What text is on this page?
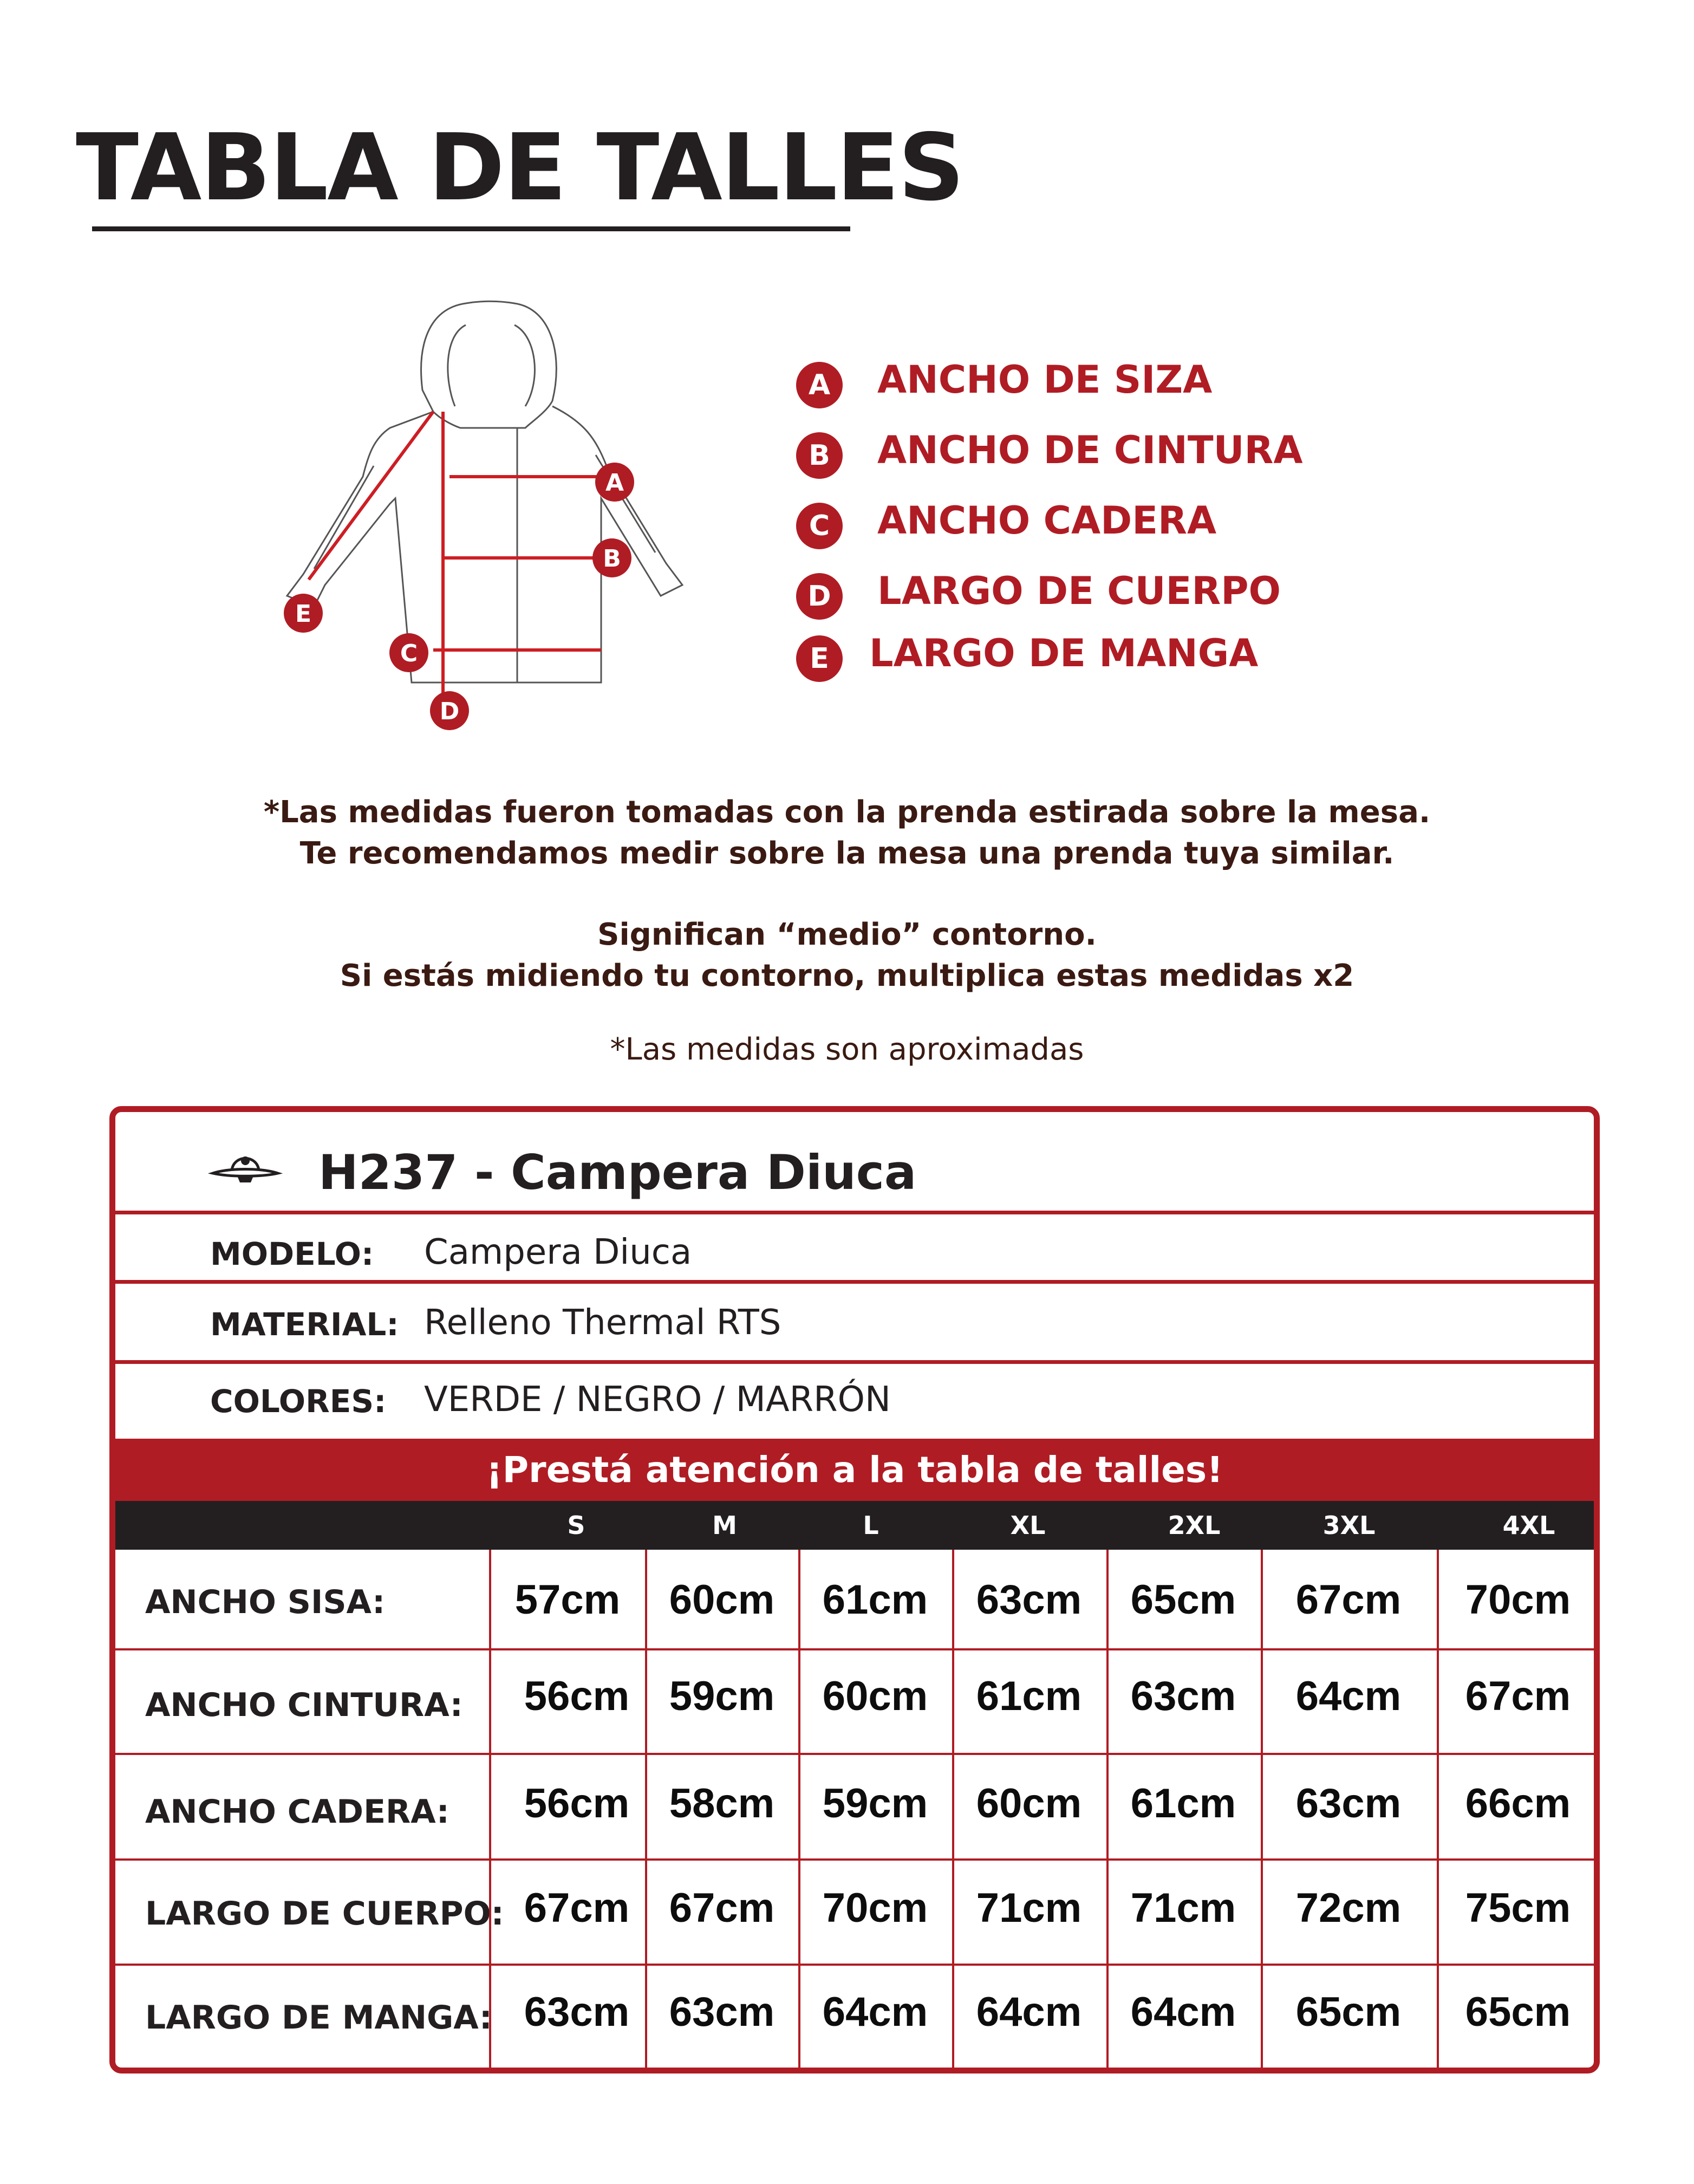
TABLA DE TALLES
A
B
C
D
E
A	ANCHO DE SIZA
B	ANCHO DE CINTURA
C	ANCHO CADERA
D	LARGO DE CUERPO
E	LARGO DE MANGA
*Las medidas fueron tomadas con la prenda estirada sobre la mesa.
Te recomendamos medir sobre la mesa una prenda tuya similar.
Significan “medio” contorno.
Si estás midiendo tu contorno, multiplica estas medidas x2
*Las medidas son aproximadas
H237 - Campera Diuca
MODELO: Campera Diuca
MATERIAL: Relleno Thermal RTS
COLORES: VERDE / NEGRO / MARRÓN
¡Prestá atención a la tabla de talles!
S	M	L	XL	2XL	3XL	4XL
ANCHO SISA:	57cm 60cm 61cm 63cm 65cm 67cm 70cm
ANCHO CINTURA: 56cm 59cm 60cm 61cm 63cm 64cm 67cm
ANCHO CADERA: 56cm 58cm 59cm 60cm 61cm 63cm 66cm
LARGO DE CUERPO: 67cm 67cm 70cm 71cm 71cm 72cm 75cm
LARGO DE MANGA: 63cm 63cm 64cm 64cm 64cm 65cm 65cm
